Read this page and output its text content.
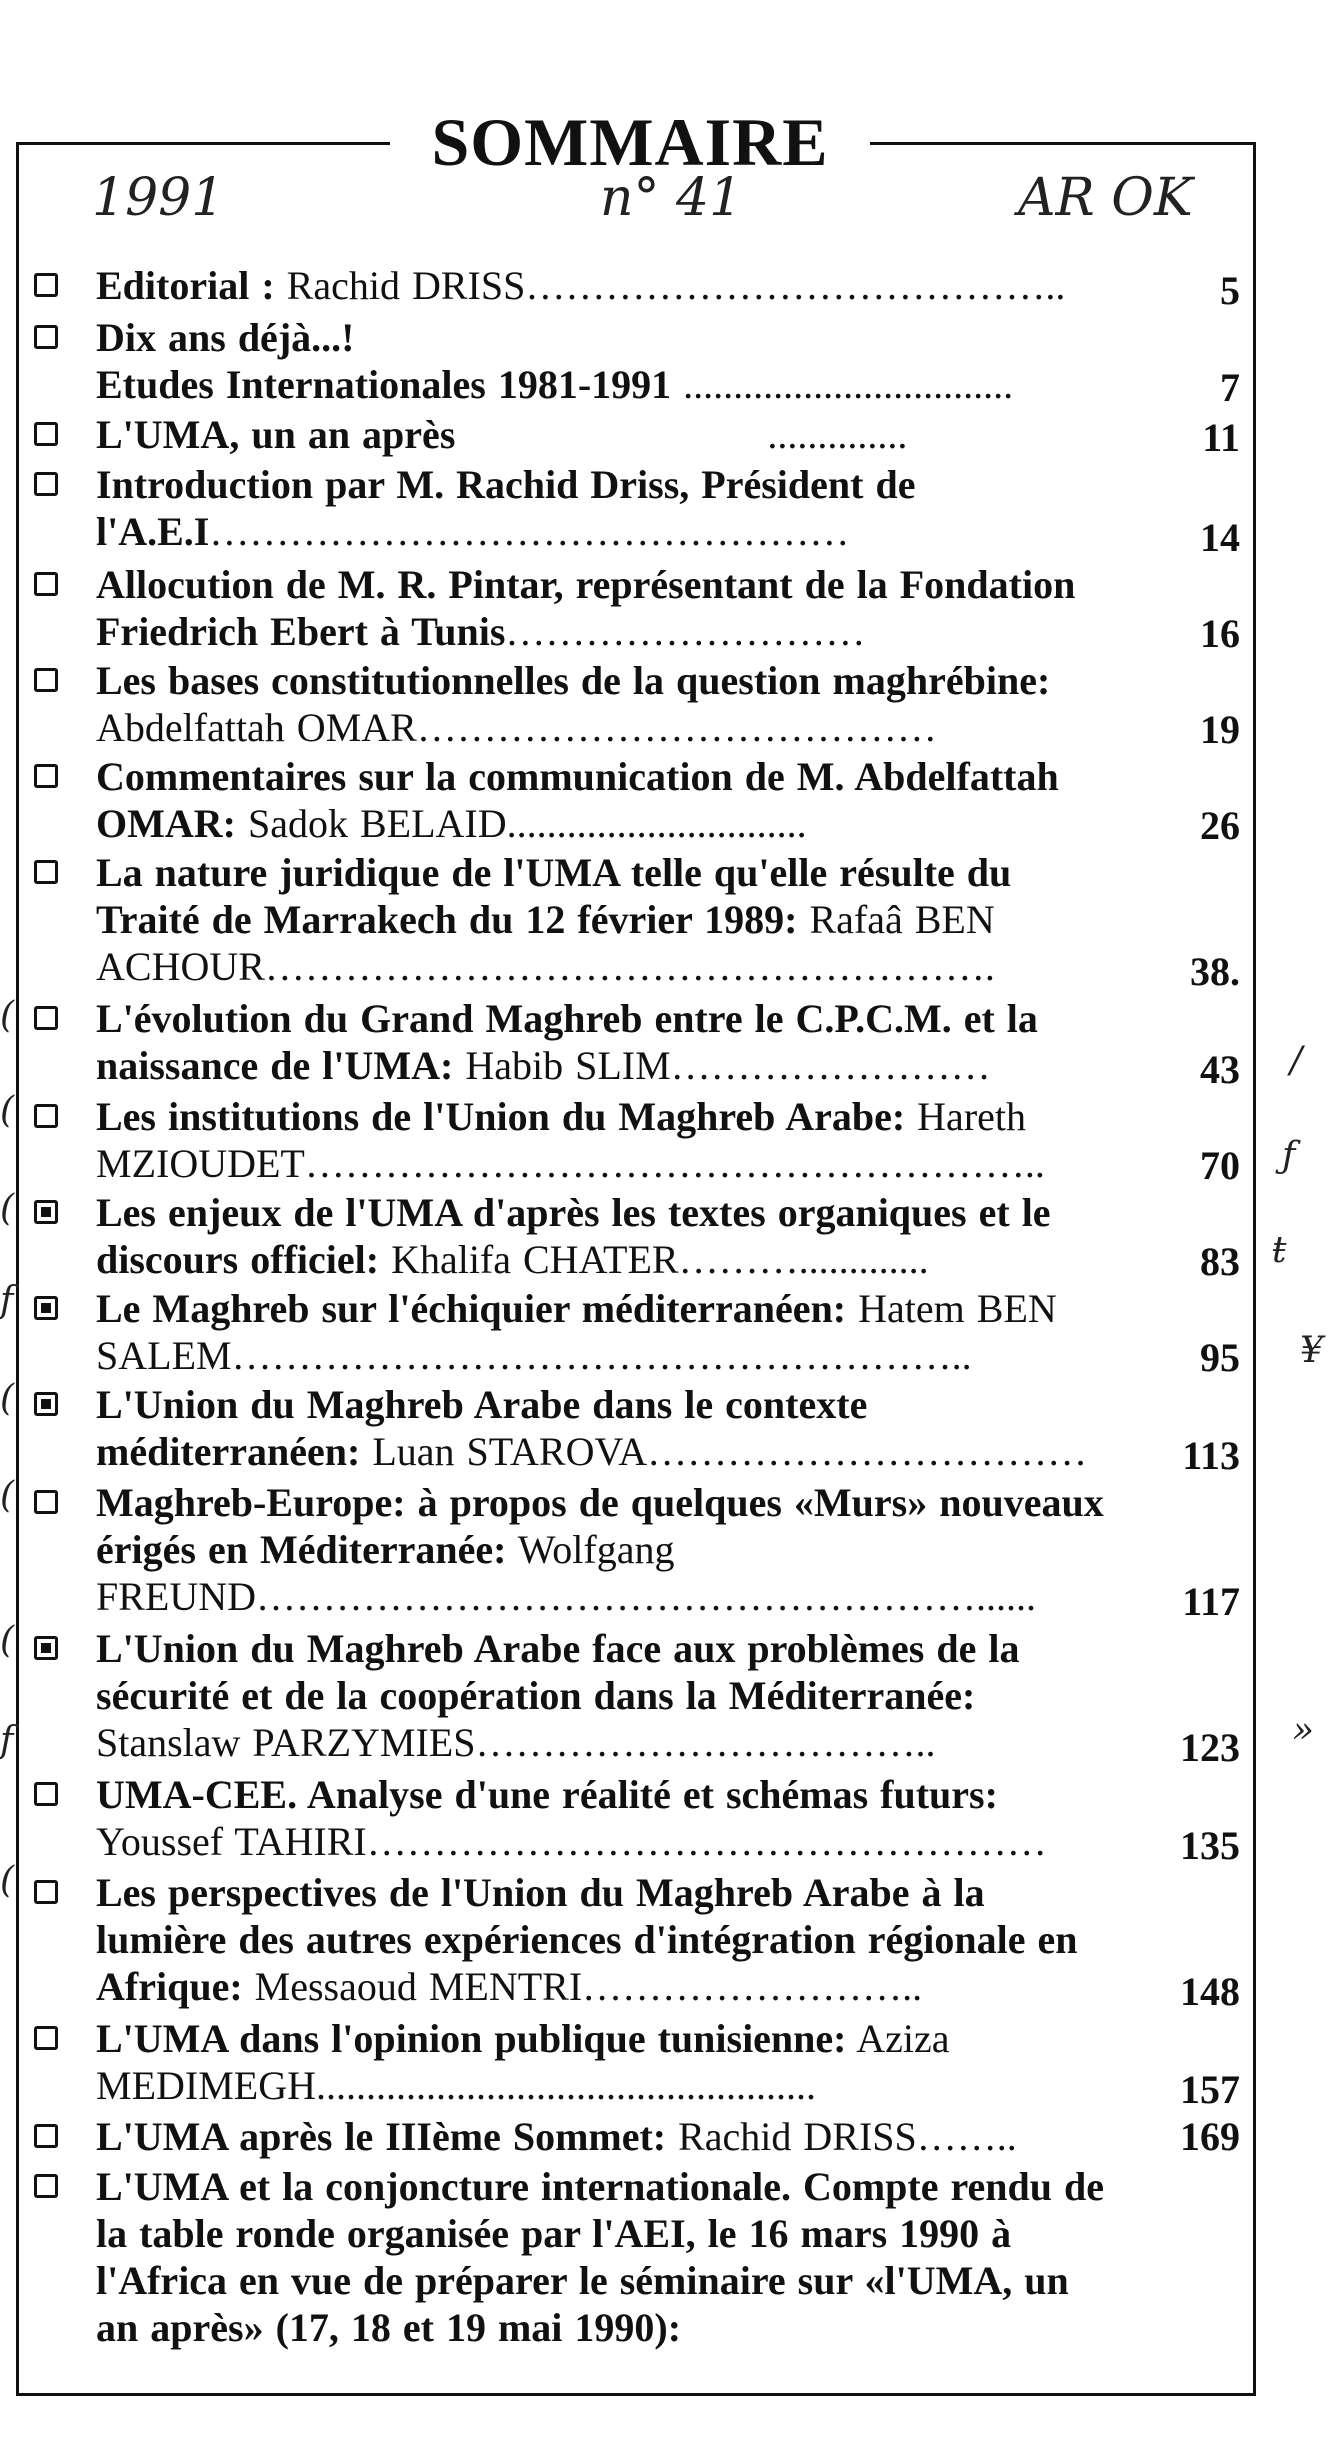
SOMMAIRE
1991	n° 41	AR OK
Editorial : Rachid DRISS…………………………………..	5
Dix ans déjà...!
Etudes Internationales 1981-1991 .................................	7
L'UMA, un an après                          ..............	11
Introduction par M. Rachid Driss, Président de l'A.E.I…………………………………………	14
Allocution de M. R. Pintar, représentant de la Fondation Friedrich Ebert à Tunis………………………	16
Les bases constitutionnelles de la question maghrébine: Abdelfattah OMAR…………………………………	19
Commentaires sur la communication de M. Abdelfattah OMAR: Sadok BELAID..............................	26
La nature juridique de l'UMA telle qu'elle résulte du Traité de Marrakech du 12 février 1989: Rafaâ BEN ACHOUR……………………………………………….	38.
L'évolution du Grand Maghreb entre le C.P.C.M. et la naissance de l'UMA: Habib SLIM……………………	43
Les institutions de l'Union du Maghreb Arabe: Hareth MZIOUDET………………………………………………..	70
Les enjeux de l'UMA d'après les textes organiques et le discours officiel: Khalifa CHATER……….............	83
Le Maghreb sur l'échiquier méditerranéen: Hatem BEN SALEM………………………………………………..	95
L'Union du Maghreb Arabe dans le contexte méditerranéen: Luan STAROVA……………………………	113
Maghreb-Europe: à propos de quelques «Murs» nouveaux érigés en Méditerranée: Wolfgang FREUND………………………………………………......	117
L'Union du Maghreb Arabe face aux problèmes de la sécurité et de la coopération dans la Méditerranée: Stanslaw PARZYMIES……………………………..	123
UMA-CEE. Analyse d'une réalité et schémas futurs: Youssef TAHIRI……………………………………………	135
Les perspectives de l'Union du Maghreb Arabe à la lumière des autres expériences d'intégration régionale en Afrique: Messaoud MENTRI……………………..	148
L'UMA dans l'opinion publique tunisienne: Aziza MEDIMEGH..................................................	157
L'UMA après le IIIème Sommet: Rachid DRISS……..	169
L'UMA et la conjoncture internationale. Compte rendu de la table ronde organisée par l'AEI, le 16 mars 1990 à l'Africa en vue de préparer le séminaire sur «l'UMA, un an après» (17, 18 et 19 mai 1990):
(
(
(
f
(
(
(
f
(
/
ƒ
ŧ
¥
»
